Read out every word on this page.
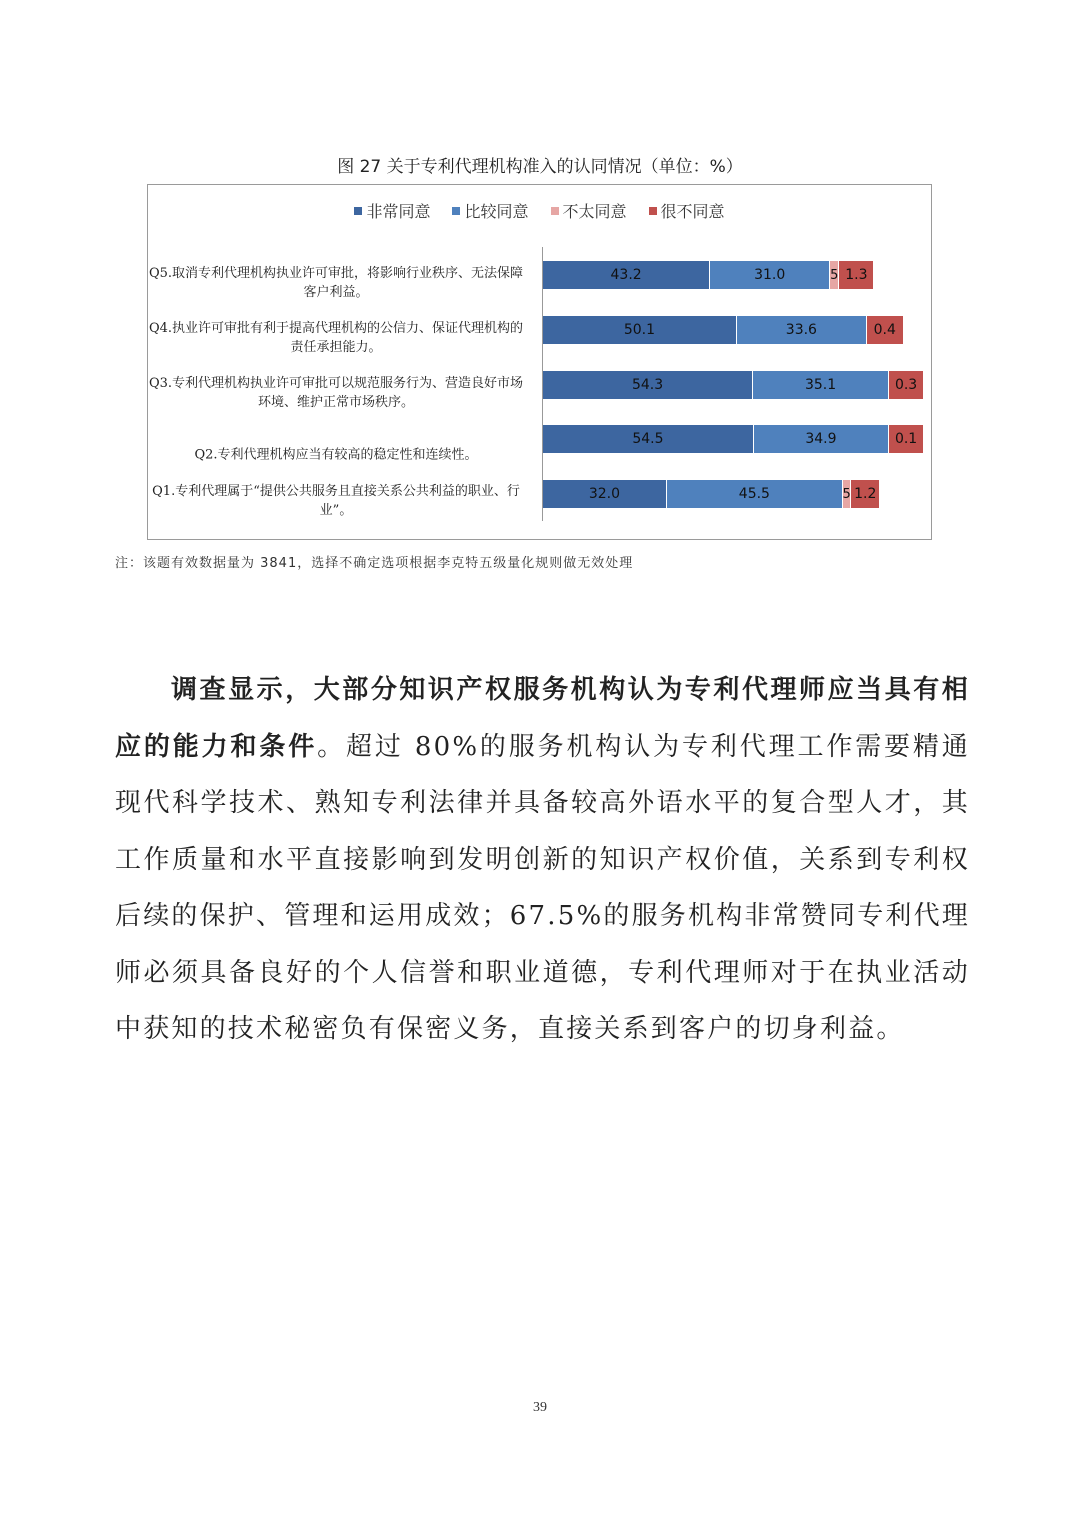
图 27 关于专利代理机构准入的认同情况（单位：%）
非常同意 比较同意 不太同意 很不同意
43.2	31.0	5 1.3
50.1	33.6	0.4
54.3	35.1	0.3
54.5	34.9	0.1
32.0	45.5	5 1.2
Q5.取消专利代理机构执业许可审批，将影响行业秩序、无法保障客户利益。
Q4.执业许可审批有利于提高代理机构的公信力、保证代理机构的责任承担能力。
Q3.专利代理机构执业许可审批可以规范服务行为、营造良好市场环境、维护正常市场秩序。
Q2.专利代理机构应当有较高的稳定性和连续性。
Q1.专利代理属于“提供公共服务且直接关系公共利益的职业、行业”。
注：该题有效数据量为 3841，选择不确定选项根据李克特五级量化规则做无效处理
调查显示，大部分知识产权服务机构认为专利代理师应当具有相应的能力和条件。超过 80%的服务机构认为专利代理工作需要精通现代科学技术、熟知专利法律并具备较高外语水平的复合型人才，其工作质量和水平直接影响到发明创新的知识产权价值，关系到专利权后续的保护、管理和运用成效；67.5%的服务机构非常赞同专利代理师必须具备良好的个人信誉和职业道德，专利代理师对于在执业活动中获知的技术秘密负有保密义务，直接关系到客户的切身利益。
39
